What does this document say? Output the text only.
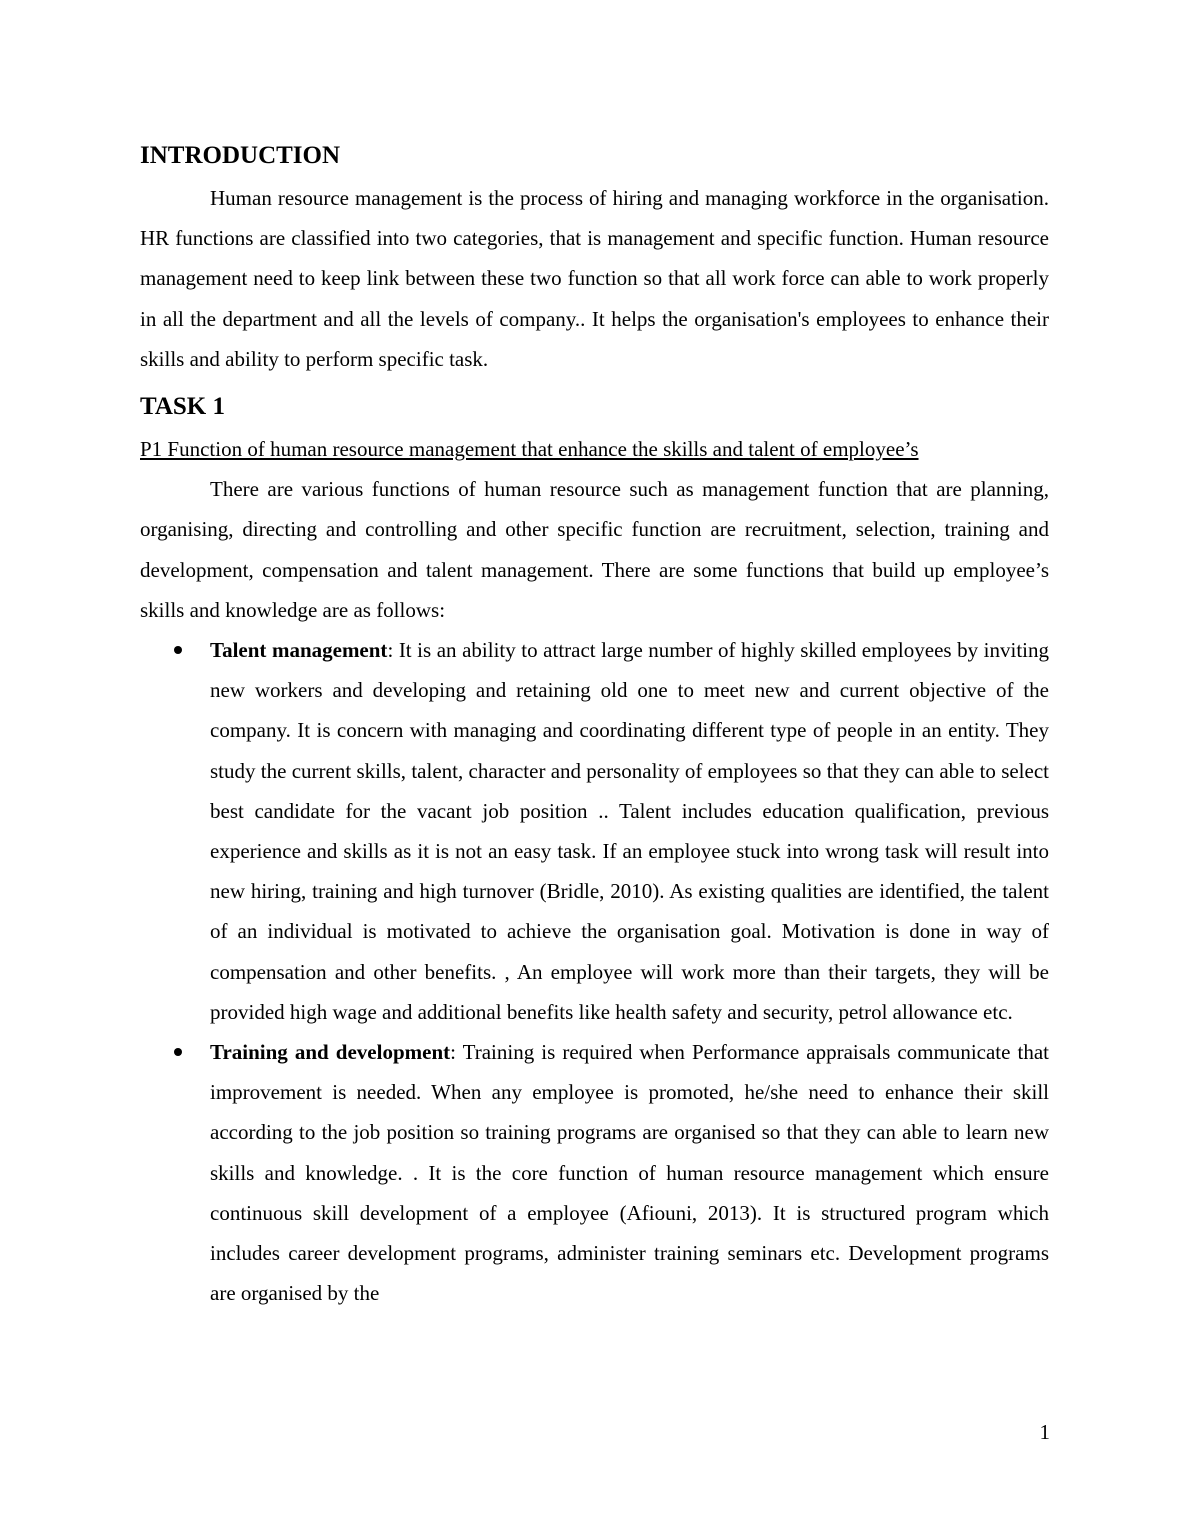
INTRODUCTION

Human resource management is the process of hiring and managing workforce in the organisation. HR functions are classified into two categories, that is management and specific function. Human resource management need to keep link between these two function so that all work force can able to work properly in all the department and all the levels of company.. It helps the organisation's employees to enhance their skills and ability to perform specific task.

TASK 1

P1 Function of human resource management that enhance the skills and talent of employee’s

There are various functions of human resource such as management function that are planning, organising, directing and controlling and other specific function are recruitment, selection, training and development, compensation and talent management. There are some functions that build up employee’s skills and knowledge are as follows:

Talent management: It is an ability to attract large number of highly skilled employees by inviting new workers and developing and retaining old one to meet new and current objective of the company. It is concern with managing and coordinating different type of people in an entity. They study the current skills, talent, character and personality of employees so that they can able to select best candidate for the vacant job position .. Talent includes education qualification, previous experience and skills as it is not an easy task. If an employee stuck into wrong task will result into new hiring, training and high turnover (Bridle, 2010). As existing qualities are identified, the talent of an individual is motivated to achieve the organisation goal. Motivation is done in way of compensation and other benefits. , An employee will work more than their targets, they will be provided high wage and additional benefits like health safety and security, petrol allowance etc.
Training and development: Training is required when Performance appraisals communicate that improvement is needed. When any employee is promoted, he/she need to enhance their skill according to the job position so training programs are organised so that they can able to learn new skills and knowledge. . It is the core function of human resource management which ensure continuous skill development of a employee (Afiouni, 2013). It is structured program which includes career development programs, administer training seminars etc. Development programs are organised by the
1
